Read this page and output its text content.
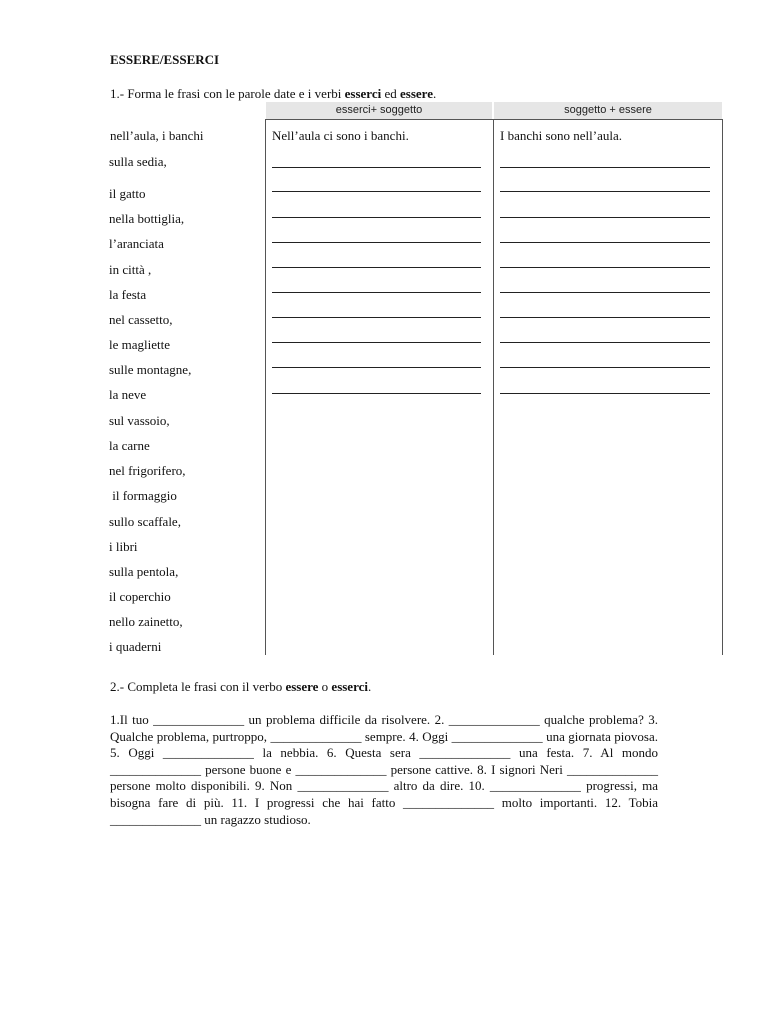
ESSERE/ESSERCI
1.- Forma le frasi con le parole date e i verbi esserci ed essere.
esserci+ soggetto	soggetto + essere
nell’aula, i banchi	Nell’aula ci sono i banchi.	I banchi sono nell’aula.
sulla sedia,
il gatto
nella bottiglia,
l’aranciata
in città ,
la festa
nel cassetto,
le magliette
sulle montagne,
la neve
sul vassoio,
la carne
nel frigorifero,
il formaggio
sullo scaffale,
i libri
sulla pentola,
il coperchio
nello zainetto,
i quaderni
2.- Completa le frasi con il verbo essere o esserci.
1.Il tuo ______________ un problema difficile da risolvere. 2. ______________ qualche problema? 3. Qualche problema, purtroppo, ______________ sempre. 4. Oggi ______________ una giornata piovosa. 5. Oggi ______________ la nebbia. 6. Questa sera ______________ una festa. 7. Al mondo ______________ persone buone e ______________ persone cattive. 8. I signori Neri ______________ persone molto disponibili. 9. Non ______________ altro da dire. 10. ______________ progressi, ma bisogna fare di più. 11. I progressi che hai fatto ______________ molto importanti. 12. Tobia ______________ un ragazzo studioso.
